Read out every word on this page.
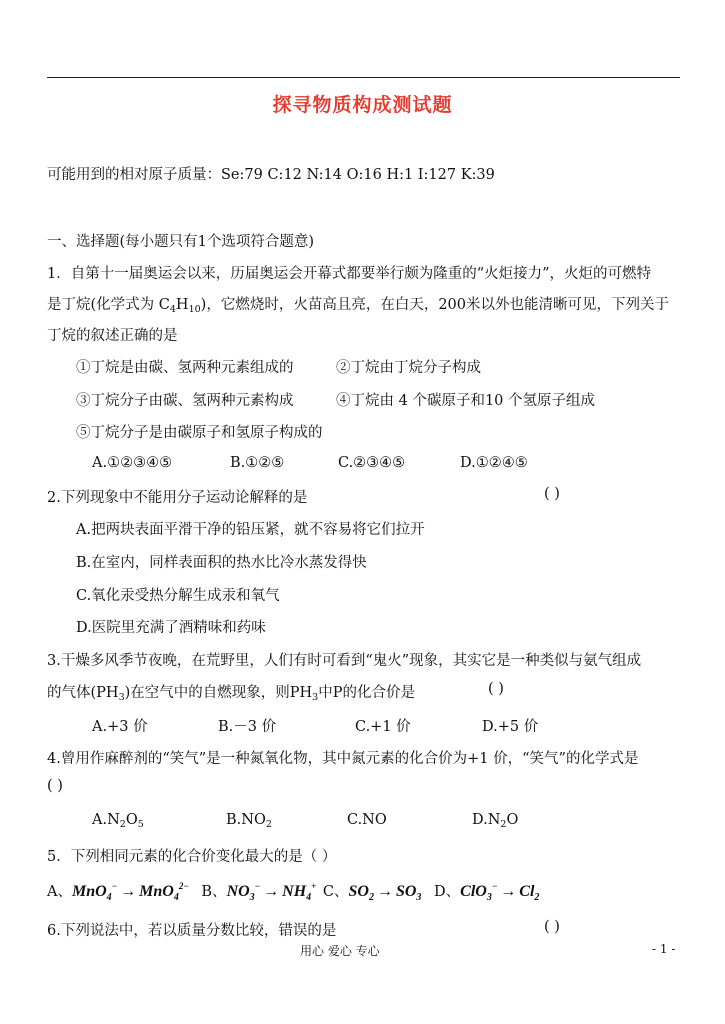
探寻物质构成测试题
可能用到的相对原子质量：Se:79 C:12 N:14 O:16 H:1 I:127 K:39
一、选择题(每小题只有1个选项符合题意)
1．自第十一届奥运会以来，历届奥运会开幕式都要举行颇为隆重的“火炬接力”，火炬的可燃特
是丁烷(化学式为 $C_4H_{10}$)，它燃烧时，火苗高且亮，在白天，200米以外也能清晰可见，下列关于
丁烷的叙述正确的是
①丁烷是由碳、氢两种元素组成的	②丁烷由丁烷分子构成
③丁烷分子由碳、氢两种元素构成	④丁烷由 4 个碳原子和10 个氢原子组成
⑤丁烷分子是由碳原子和氢原子构成的
A.①②③④⑤	B.①②⑤	C.②③④⑤	D.①②④⑤
2.下列现象中不能用分子运动论解释的是	( )
A.把两块表面平滑干净的铅压紧，就不容易将它们拉开
B.在室内，同样表面积的热水比冷水蒸发得快
C.氧化汞受热分解生成汞和氧气
D.医院里充满了酒精味和药味
3.干燥多风季节夜晚，在荒野里，人们有时可看到“鬼火”现象，其实它是一种类似与氨气组成
的气体$(PH_3)$在空气中的自燃现象，则$PH_3$中P的化合价是	( )
A.+3 价	B.－3 价	C.+1 价	D.+5 价
4.曾用作麻醉剂的“笑气”是一种氮氧化物，其中氮元素的化合价为+1 价，“笑气”的化学式是
( )
$A.N_2O_5$	$B.NO_2$	C.NO	$D.N_2O$
5．下列相同元素的化合价变化最大的是（ ）
A、MnO$_4$− → MnO$_4^{2-}$ B、$NO_3^- \to NH_4^+$ C、$SO_2 \to SO_3$ D、$ClO_3^- \to Cl_2$
6.下列说法中，若以质量分数比较，错误的是	( )
用心 爱心 专心	- 1 -
